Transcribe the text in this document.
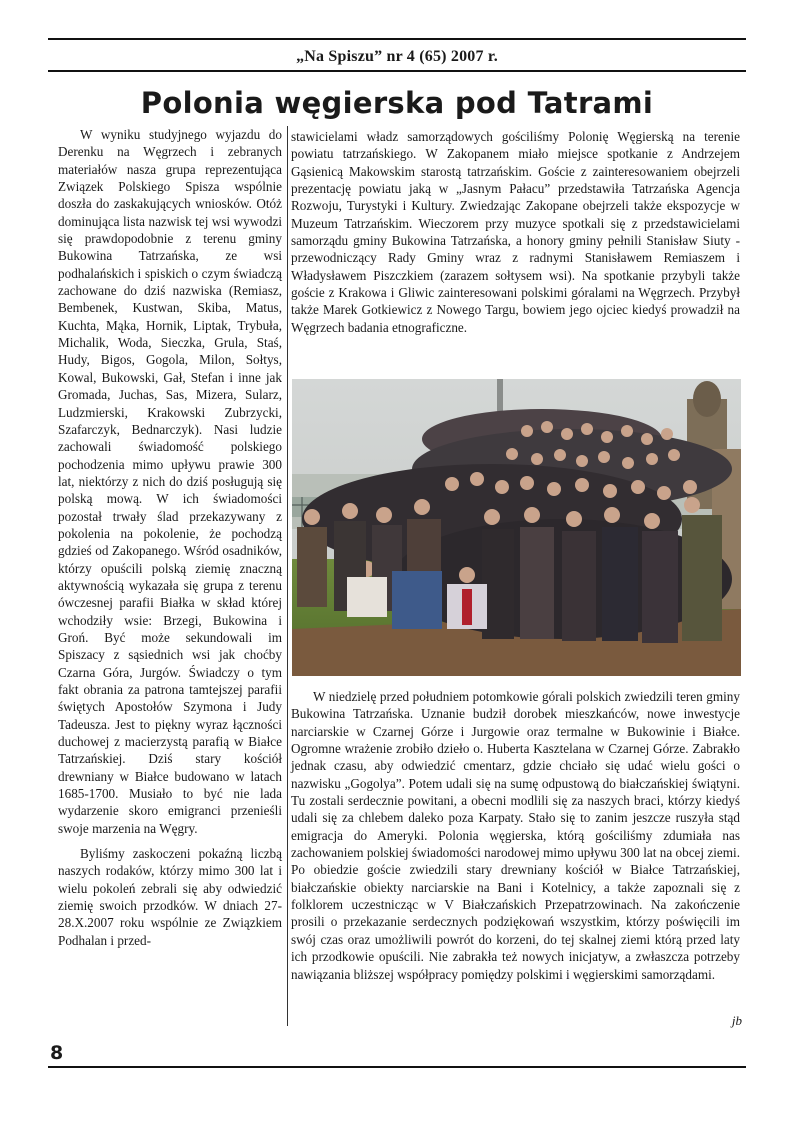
„Na Spiszu” nr 4 (65) 2007 r.
Polonia węgierska pod Tatrami

W wyniku studyjnego wyjazdu do Derenku na Węgrzech i zebranych materiałów nasza grupa reprezentująca Związek Polskiego Spisza wspólnie doszła do zaskakujących wniosków. Otóż dominująca lista nazwisk tej wsi wywodzi się prawdopodobnie z terenu gminy Bukowina Tatrzańska, ze wsi podhalańskich i spiskich o czym świadczą zachowane do dziś nazwiska (Remiasz, Bembenek, Kustwan, Skiba, Matus, Kuchta, Mąka, Hornik, Liptak, Trybuła, Michalik, Woda, Sieczka, Grula, Staś, Hudy, Bigos, Gogola, Milon, Sołtys, Kowal, Bukowski, Gał, Stefan i inne jak Gromada, Juchas, Sas, Mizera, Sularz, Ludzmierski, Krakowski Zubrzycki, Szafarczyk, Bednarczyk). Nasi ludzie zachowali świadomość polskiego pochodzenia mimo upływu prawie 300 lat, niektórzy z nich do dziś posługują się polską mową. W ich świadomości pozostał trwały ślad przekazywany z pokolenia na pokolenie, że pochodzą gdzieś od Zakopanego. Wśród osadników, którzy opuścili polską ziemię znaczną aktywnością wykazała się grupa z terenu ówczesnej parafii Białka w skład której wchodziły wsie: Brzegi, Bukowina i Groń. Być może sekundowali im Spiszacy z sąsiednich wsi jak choćby Czarna Góra, Jurgów. Świadczy o tym fakt obrania za patrona tamtejszej parafii świętych Apostołów Szymona i Judy Tadeusza. Jest to piękny wyraz łączności duchowej z macierzystą parafią w Białce Tatrzańskiej. Dziś stary kościół drewniany w Białce budowano w latach 1685-1700. Musiało to być nie lada wydarzenie skoro emigranci przenieśli swoje marzenia na Węgry.

Byliśmy zaskoczeni pokaźną liczbą naszych rodaków, którzy mimo 300 lat i wielu pokoleń zebrali się aby odwiedzić ziemię swoich przodków. W dniach 27-28.X.2007 roku wspólnie ze Związkiem Podhalan i przed-

stawicielami władz samorządowych gościliśmy Polonię Węgierską na terenie powiatu tatrzańskiego. W Zakopanem miało miejsce spotkanie z Andrzejem Gąsienicą Makowskim starostą tatrzańskim. Goście z zainteresowaniem obejrzeli prezentację powiatu jaką w „Jasnym Pałacu” przedstawiła Tatrzańska Agencja Rozwoju, Turystyki i Kultury. Zwiedzając Zakopane obejrzeli także ekspozycje w Muzeum Tatrzańskim. Wieczorem przy muzyce spotkali się z przedstawicielami samorządu gminy Bukowina Tatrzańska, a honory gminy pełnili Stanisław Siuty - przewodniczący Rady Gminy wraz z radnymi Stanisławem Remiaszem i Władysławem Piszczkiem (zarazem sołtysem wsi). Na spotkanie przybyli także goście z Krakowa i Gliwic zainteresowani polskimi góralami na Węgrzech. Przybył także Marek Gotkiewicz z Nowego Targu, bowiem jego ojciec kiedyś prowadził na Węgrzech badania etnograficzne.

W niedzielę przed południem potomkowie górali polskich zwiedzili teren gminy Bukowina Tatrzańska. Uznanie budził dorobek mieszkańców, nowe inwestycje narciarskie w Czarnej Górze i Jurgowie oraz termalne w Bukowinie i Białce. Ogromne wrażenie zrobiło dzieło o. Huberta Kasztelana w Czarnej Górze. Zabrakło jednak czasu, aby odwiedzić cmentarz, gdzie chciało się udać wielu gości o nazwisku „Gogolya”. Potem udali się na sumę odpustową do białczańskiej świątyni. Tu zostali serdecznie powitani, a obecni modlili się za naszych braci, którzy kiedyś udali się za chlebem daleko poza Karpaty. Stało się to zanim jeszcze ruszyła stąd emigracja do Ameryki. Polonia węgierska, którą gościliśmy zdumiała nas zachowaniem polskiej świadomości narodowej mimo upływu 300 lat na obcej ziemi. Po obiedzie goście zwiedzili stary drewniany kościół w Białce Tatrzańskiej, białczańskie obiekty narciarskie na Bani i Kotelnicy, a także zapoznali się z folklorem uczestnicząc w V Białczańskich Przepatrzowinach. Na zakończenie prosili o przekazanie serdecznych podziękowań wszystkim, którzy poświęcili im swój czas oraz umożliwili powrót do korzeni, do tej skalnej ziemi którą przed laty ich przodkowie opuścili. Nie zabrakła też nowych inicjatyw, a zwłaszcza potrzeby nawiązania bliższej współpracy pomiędzy polskimi i węgierskimi samorządami.

jb
8
